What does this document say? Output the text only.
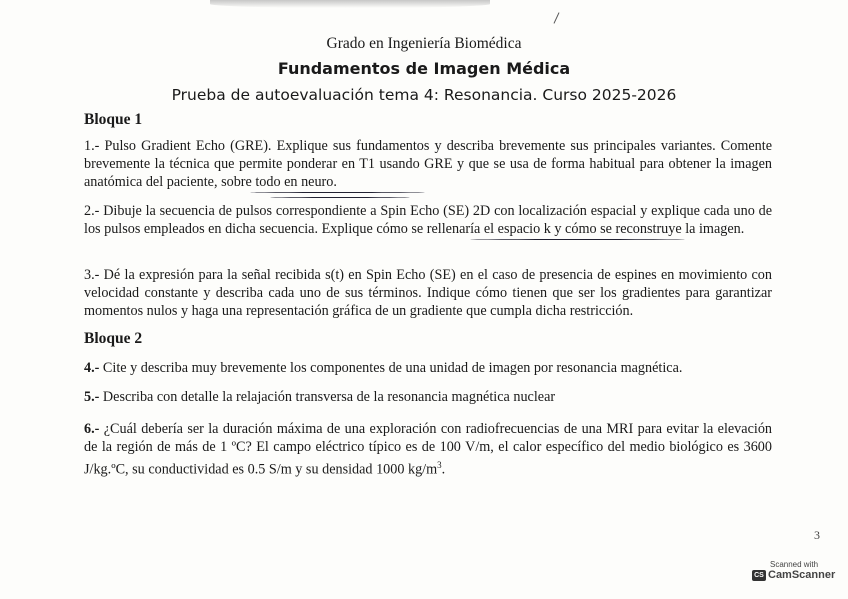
Grado en Ingeniería Biomédica
Fundamentos de Imagen Médica
Prueba de autoevaluación tema 4: Resonancia. Curso 2025-2026
Bloque 1
1.- Pulso Gradient Echo (GRE). Explique sus fundamentos y describa brevemente sus principales variantes. Comente brevemente la técnica que permite ponderar en T1 usando GRE y que se usa de forma habitual para obtener la imagen anatómica del paciente, sobre todo en neuro.
2.- Dibuje la secuencia de pulsos correspondiente a Spin Echo (SE) 2D con localización espacial y explique cada uno de los pulsos empleados en dicha secuencia. Explique cómo se rellenaría el espacio k y cómo se reconstruye la imagen.
3.- Dé la expresión para la señal recibida s(t) en Spin Echo (SE) en el caso de presencia de espines en movimiento con velocidad constante y describa cada uno de sus términos. Indique cómo tienen que ser los gradientes para garantizar momentos nulos y haga una representación gráfica de un gradiente que cumpla dicha restricción.
Bloque 2
4.- Cite y describa muy brevemente los componentes de una unidad de imagen por resonancia magnética.
5.- Describa con detalle la relajación transversa de la resonancia magnética nuclear
6.- ¿Cuál debería ser la duración máxima de una exploración con radiofrecuencias de una MRI para evitar la elevación de la región de más de 1 ºC? El campo eléctrico típico es de 100 V/m, el calor específico del medio biológico es 3600 J/kg.ºC, su conductividad es 0.5 S/m y su densidad 1000 $kg/m^3$.
3
Scanned with
CS CamScanner
